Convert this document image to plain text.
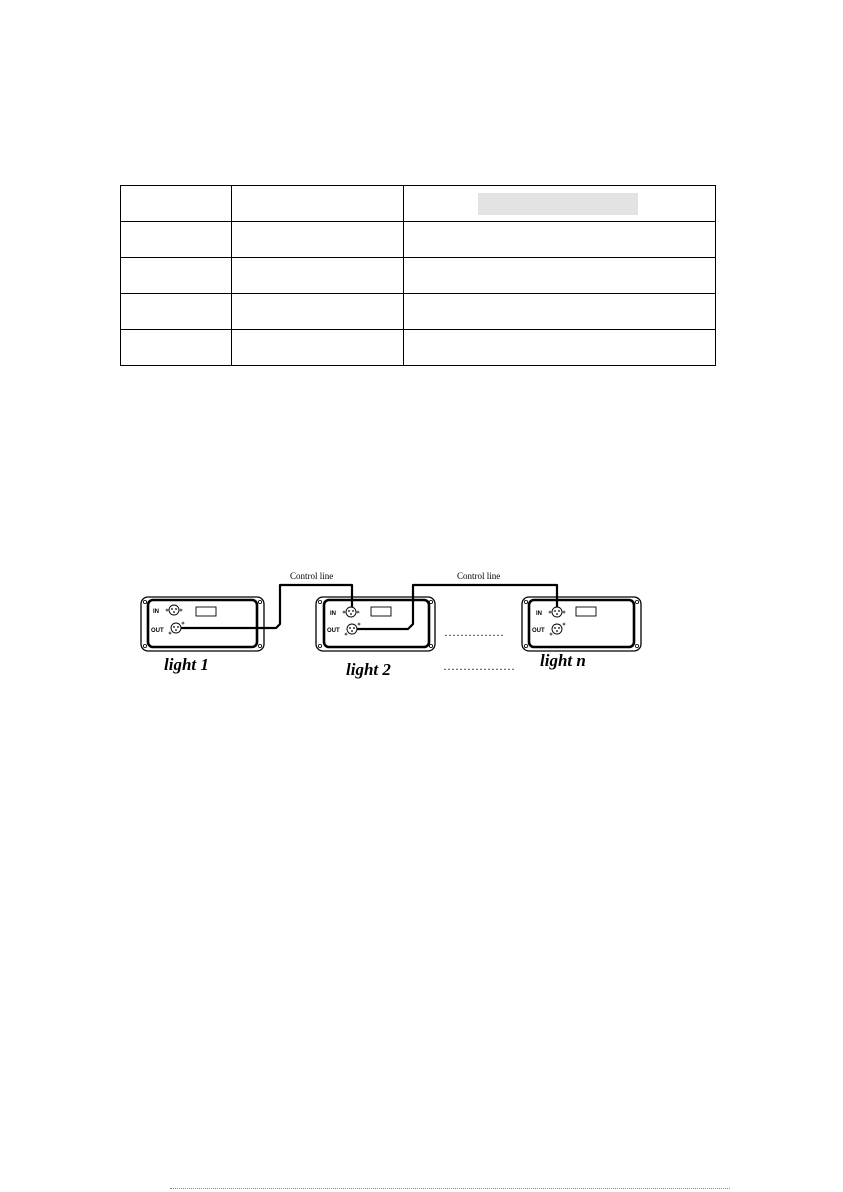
IN
OUT
IN
OUT
IN
OUT
Control line	Control line
……………
………………
light 1	light 2	light n
